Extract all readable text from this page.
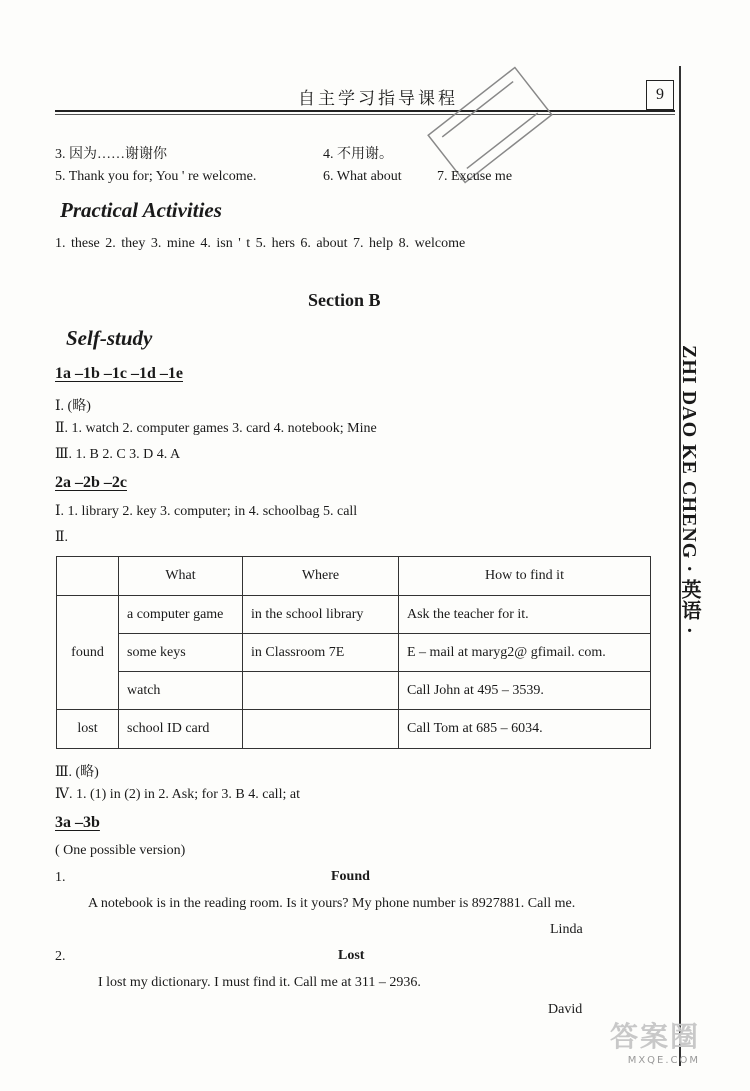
自主学习指导课程	9
ZHI DAO KE CHENG · 英语 ·
3. 因为……谢谢你	4. 不用谢。
5. Thank you for; You ' re welcome.	6. What about	7. Excuse me
Practical Activities
1. these 2. they 3. mine 4. isn ' t 5. hers 6. about 7. help 8. welcome
Section B
Self-study
1a –1b –1c –1d –1e
Ⅰ. (略)
Ⅱ. 1. watch 2. computer games 3. card 4. notebook; Mine
Ⅲ. 1. B 2. C 3. D 4. A
2a –2b –2c
Ⅰ. 1. library 2. key 3. computer; in 4. schoolbag 5. call
Ⅱ.
	What	Where	How to find it
found	a computer game	in the school library	Ask the teacher for it.
	some keys	in Classroom 7E	E – mail at maryg2@ gfimail. com.
	watch		Call John at 495 – 3539.
lost	school ID card		Call Tom at 685 – 6034.
Ⅲ. (略)
Ⅳ. 1. (1) in (2) in 2. Ask; for 3. B 4. call; at
3a –3b
( One possible version)
1.	Found
A notebook is in the reading room. Is it yours? My phone number is 8927881. Call me.
Linda
2.	Lost
I lost my dictionary. I must find it. Call me at 311 – 2936.
David
答案圈
MXQE.COM
